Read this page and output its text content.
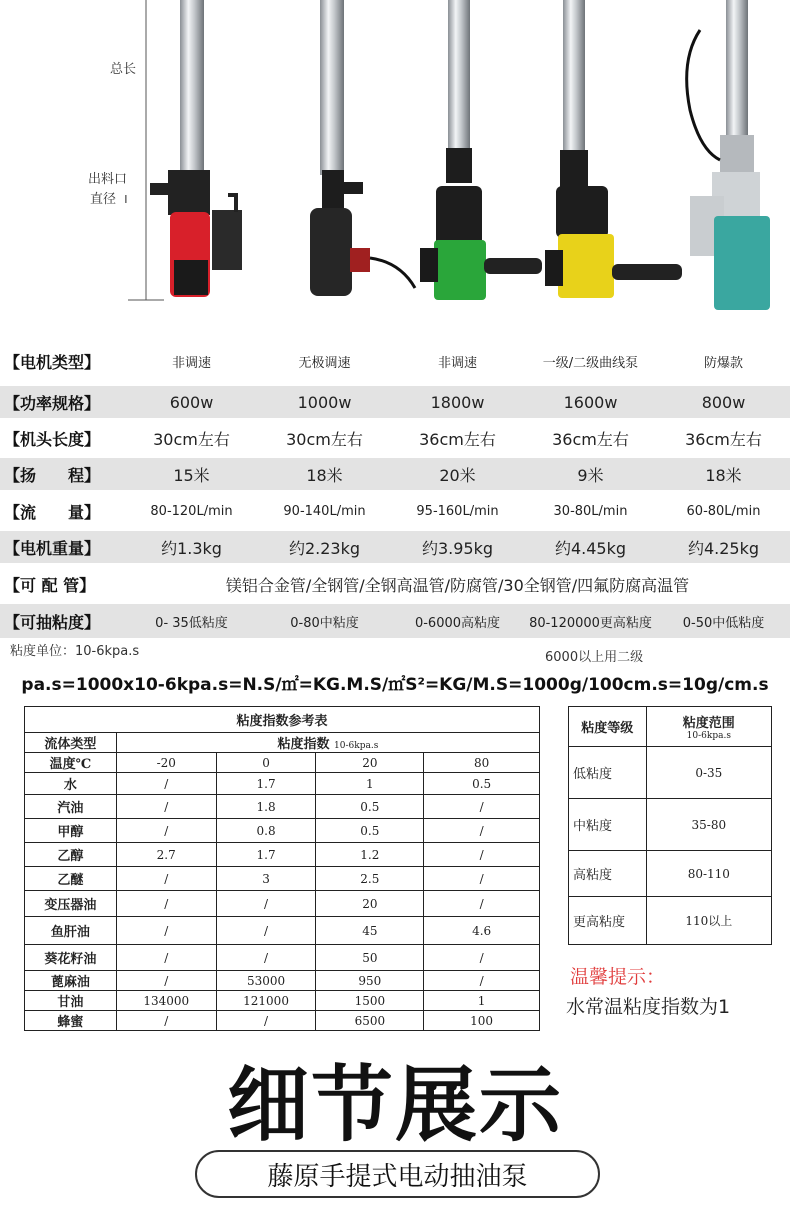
总长
出料口
直径 I
【电机类型】	非调速	无极调速	非调速	一级/二级曲线泵	防爆款
【功率规格】	600w	1000w	1800w	1600w	800w
【机头长度】	30cm左右	30cm左右	36cm左右	36cm左右	36cm左右
【扬　　程】	15米	18米	20米	9米	18米
【流　　量】	80-120L/min	90-140L/min	95-160L/min	30-80L/min	60-80L/min
【电机重量】	约1.3kg	约2.23kg	约3.95kg	约4.45kg	约4.25kg
【可 配 管】	镁铝合金管/全钢管/全钢高温管/防腐管/30全钢管/四氟防腐高温管
【可抽粘度】	0- 35低粘度	0-80中粘度	0-6000高粘度	80-120000更高粘度	0-50中低粘度
粘度单位：10-6kpa.s	6000以上用二级
pa.s=1000x10-6kpa.s=N.S/㎡=KG.M.S/㎡S²=KG/M.S=1000g/100cm.s=10g/cm.s
粘度指数参考表				
流体类型	粘度指数 10-6kpa.s			
温度℃	-20	0	20	80
水	/	1.7	1	0.5
汽油	/	1.8	0.5	/
甲醇	/	0.8	0.5	/
乙醇	2.7	1.7	1.2	/
乙醚	/	3	2.5	/
变压器油	/	/	20	/
鱼肝油	/	/	45	4.6
葵花籽油	/	/	50	/
蓖麻油	/	53000	950	/
甘油	134000	121000	1500	1
蜂蜜	/	/	6500	100
粘度等级	粘度范围
10-6kpa.s

低粘度	0-35
中粘度	35-80
高粘度	80-110
更高粘度	110以上
温馨提示：
水常温粘度指数为1
细节展示
藤原手提式电动抽油泵
